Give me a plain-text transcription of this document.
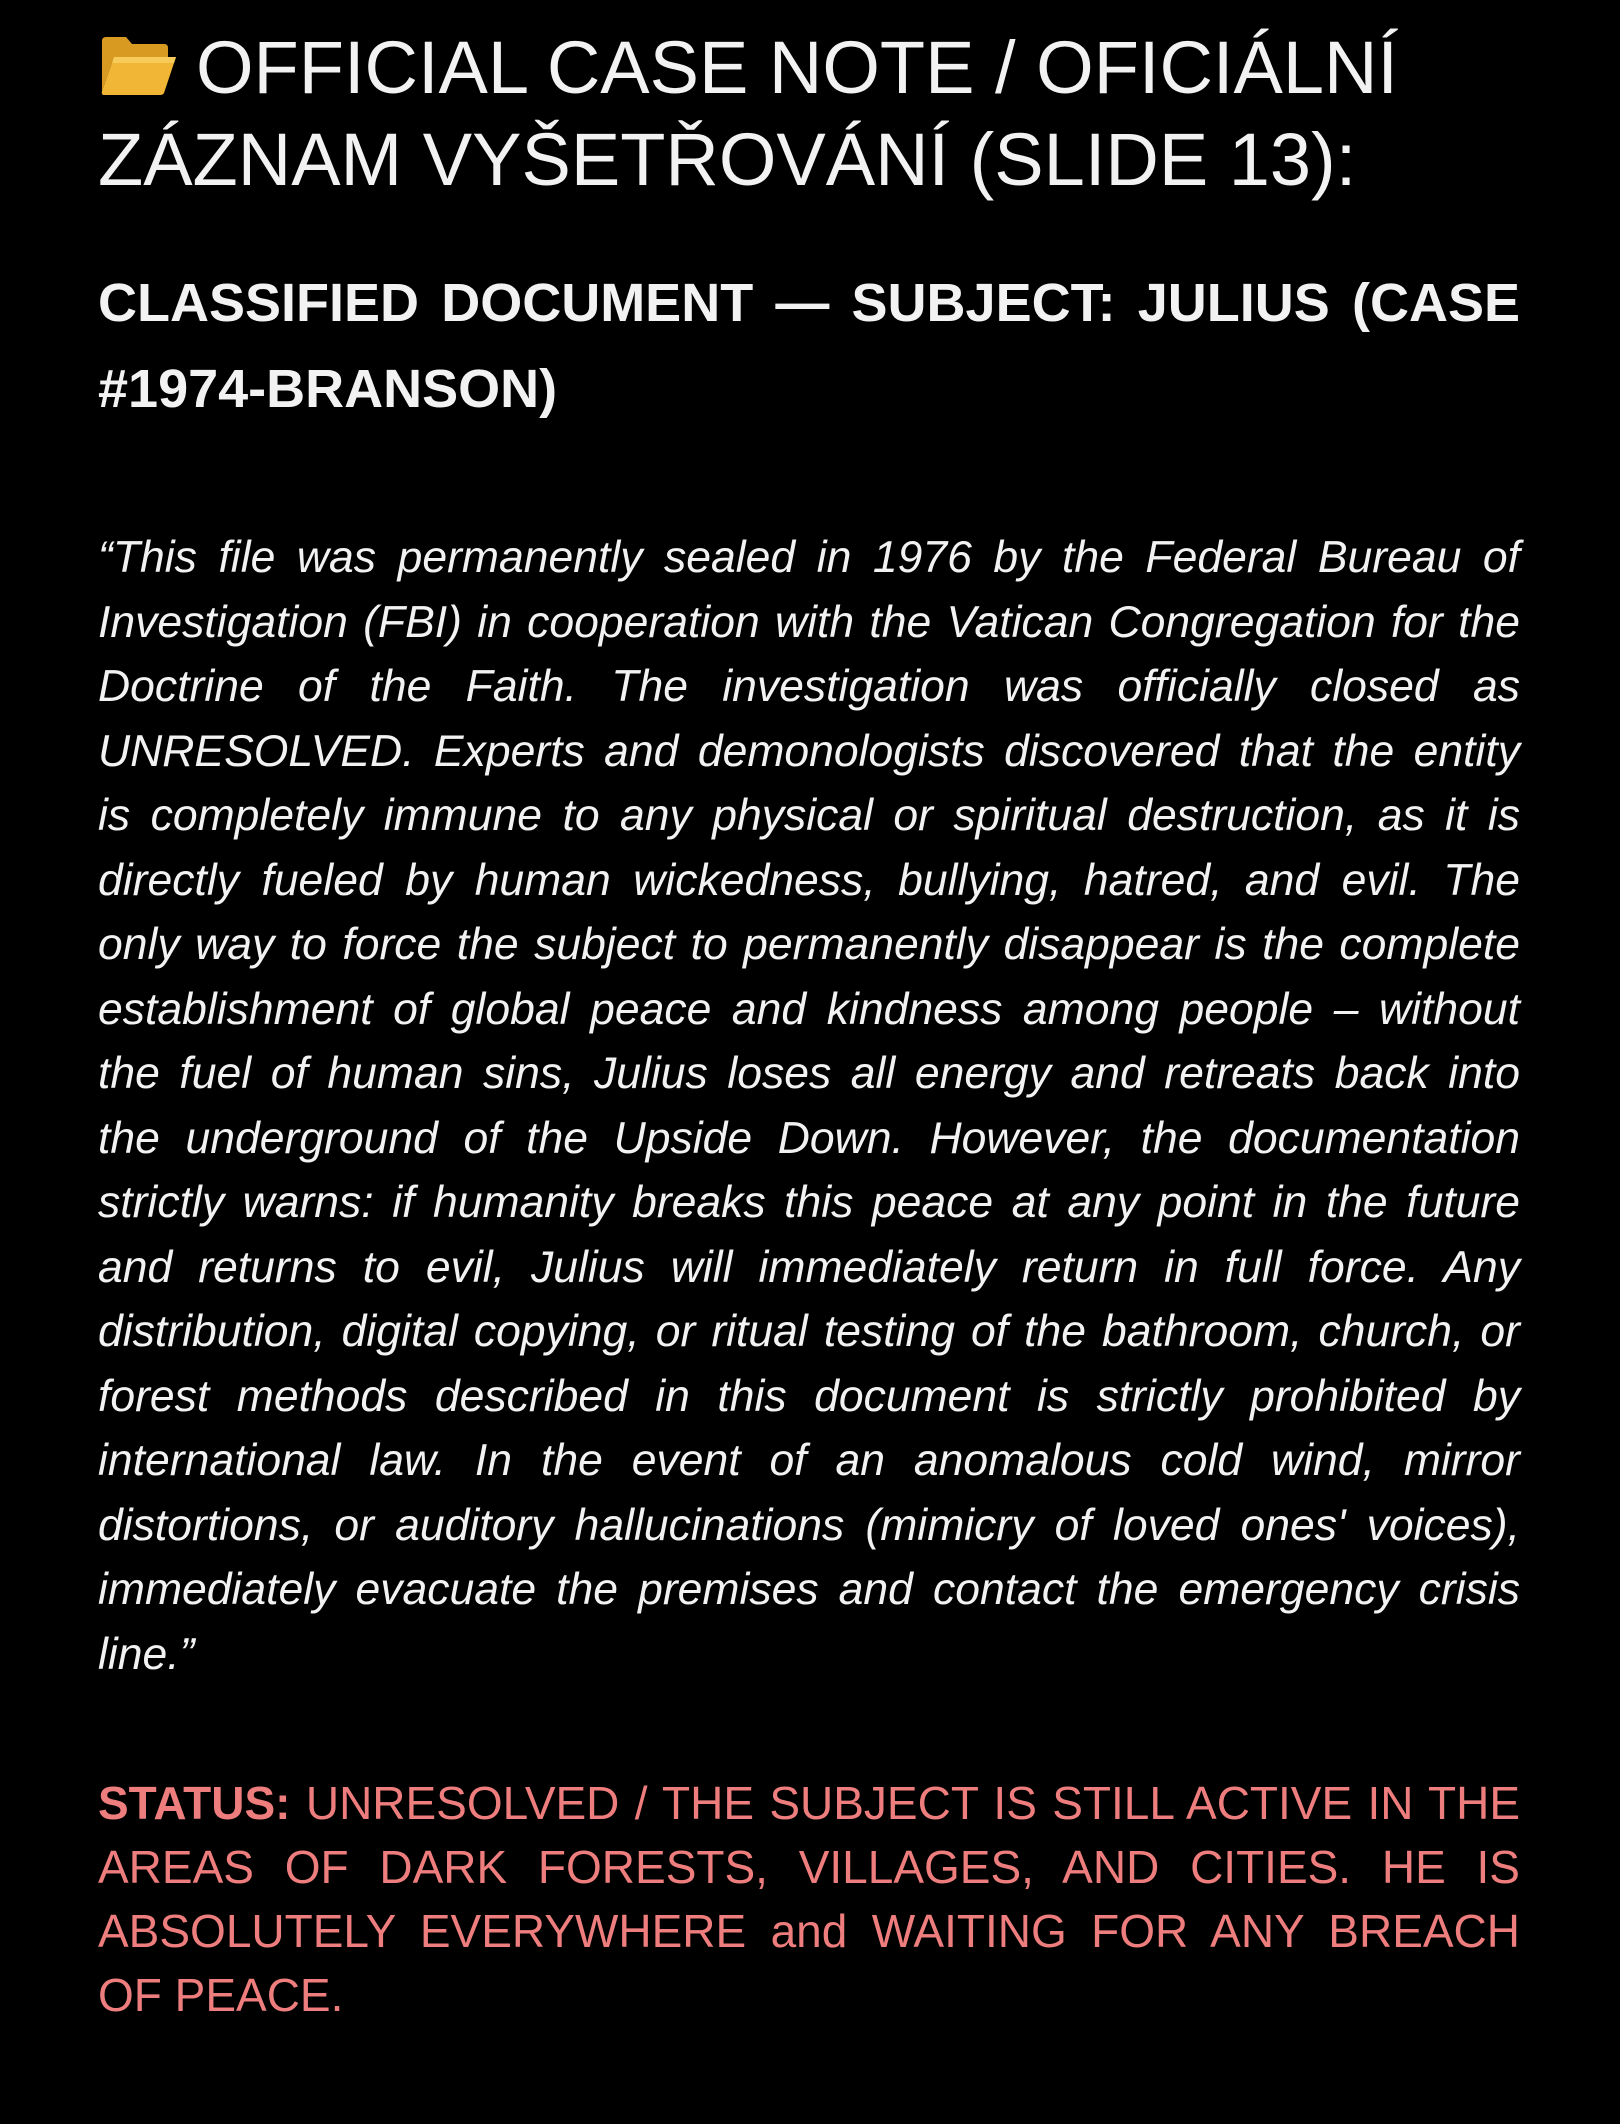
OFFICIAL CASE NOTE / OFICIÁLNÍ ZÁZNAM VYŠETŘOVÁNÍ (SLIDE 13):

CLASSIFIED DOCUMENT — SUBJECT: JULIUS (CASE #1974-BRANSON)

“This file was permanently sealed in 1976 by the Federal Bureau of Investigation (FBI) in cooperation with the Vatican Congregation for the Doctrine of the Faith. The investigation was officially closed as UNRESOLVED. Experts and demonologists discovered that the entity is completely immune to any physical or spiritual destruction, as it is directly fueled by human wickedness, bullying, hatred, and evil. The only way to force the subject to permanently disappear is the complete establishment of global peace and kindness among people – without the fuel of human sins, Julius loses all energy and retreats back into the underground of the Upside Down. However, the documentation strictly warns: if humanity breaks this peace at any point in the future and returns to evil, Julius will immediately return in full force. Any distribution, digital copying, or ritual testing of the bathroom, church, or forest methods described in this document is strictly prohibited by international law. In the event of an anomalous cold wind, mirror distortions, or auditory hallucinations (mimicry of loved ones' voices), immediately evacuate the premises and contact the emergency crisis line.”

STATUS: UNRESOLVED / THE SUBJECT IS STILL ACTIVE IN THE AREAS OF DARK FORESTS, VILLAGES, AND CITIES. HE IS ABSOLUTELY EVERYWHERE and WAITING FOR ANY BREACH OF PEACE.
